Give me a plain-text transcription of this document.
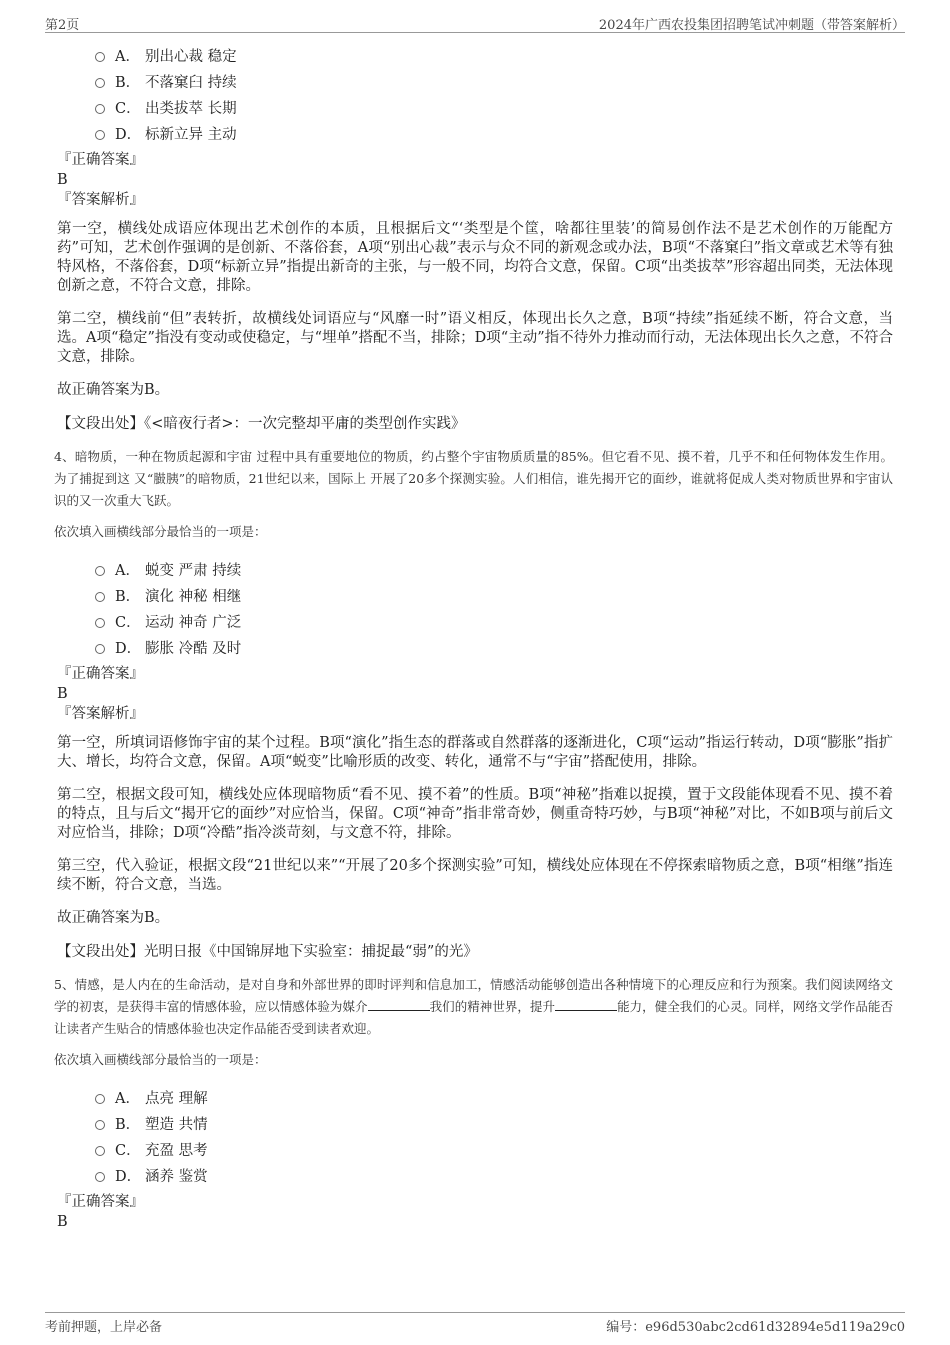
第2页	2024年广西农投集团招聘笔试冲刺题（带答案解析）
A． 别出心裁 稳定
B． 不落窠臼 持续
C． 出类拔萃 长期
D． 标新立异 主动

『正确答案』

B

『答案解析』

第一空，横线处成语应体现出艺术创作的本质，且根据后文“‘类型是个筐，啥都往里装’的简易创作法不是艺术创作的万能配方药”可知，艺术创作强调的是创新、不落俗套，A项“别出心裁”表示与众不同的新观念或办法，B项“不落窠臼”指文章或艺术等有独特风格，不落俗套，D项“标新立异”指提出新奇的主张，与一般不同，均符合文意，保留。C项“出类拔萃”形容超出同类，无法体现创新之意，不符合文意，排除。

第二空，横线前“但”表转折，故横线处词语应与“风靡一时”语义相反，体现出长久之意，B项“持续”指延续不断，符合文意，当选。A项“稳定”指没有变动或使稳定，与“埋单”搭配不当，排除；D项“主动”指不待外力推动而行动，无法体现出长久之意，不符合文意，排除。

故正确答案为B。

【文段出处】《<暗夜行者>：一次完整却平庸的类型创作实践》

4、暗物质，一种在物质起源和宇宙 过程中具有重要地位的物质，约占整个宇宙物质质量的85%。但它看不见、摸不着，几乎不和任何物体发生作用。为了捕捉到这 又“臌胰”的暗物质，21世纪以来，国际上 开展了20多个探测实验。人们相信，谁先揭开它的面纱，谁就将促成人类对物质世界和宇宙认识的又一次重大飞跃。

依次填入画横线部分最恰当的一项是：

A． 蜕变 严肃 持续
B． 演化 神秘 相继
C． 运动 神奇 广泛
D． 膨胀 冷酷 及时

『正确答案』

B

『答案解析』

第一空，所填词语修饰宇宙的某个过程。B项“演化”指生态的群落或自然群落的逐渐进化，C项“运动”指运行转动，D项“膨胀”指扩大、增长，均符合文意，保留。A项“蜕变”比喻形质的改变、转化，通常不与“宇宙”搭配使用，排除。

第二空，根据文段可知，横线处应体现暗物质“看不见、摸不着”的性质。B项“神秘”指难以捉摸，置于文段能体现看不见、摸不着的特点，且与后文“揭开它的面纱”对应恰当，保留。C项“神奇”指非常奇妙，侧重奇特巧妙，与B项“神秘”对比，不如B项与前后文对应恰当，排除；D项“冷酷”指冷淡苛刻，与文意不符，排除。

第三空，代入验证，根据文段“21世纪以来”“开展了20多个探测实验”可知，横线处应体现在不停探索暗物质之意，B项“相继”指连续不断，符合文意，当选。

故正确答案为B。

【文段出处】光明日报《中国锦屏地下实验室：捕捉最“弱”的光》

5、情感，是人内在的生命活动，是对自身和外部世界的即时评判和信息加工，情感活动能够创造出各种情境下的心理反应和行为预案。我们阅读网络文学的初衷，是获得丰富的情感体验，应以情感体验为媒介	我们的精神世界，提升	能力，健全我们的心灵。同样，网络文学作品能否让读者产生贴合的情感体验也决定作品能否受到读者欢迎。

依次填入画横线部分最恰当的一项是：

A． 点亮 理解
B． 塑造 共情
C． 充盈 思考
D． 涵养 鉴赏

『正确答案』

B

考前押题，上岸必备	编号：e96d530abc2cd61d32894e5d119a29c0
